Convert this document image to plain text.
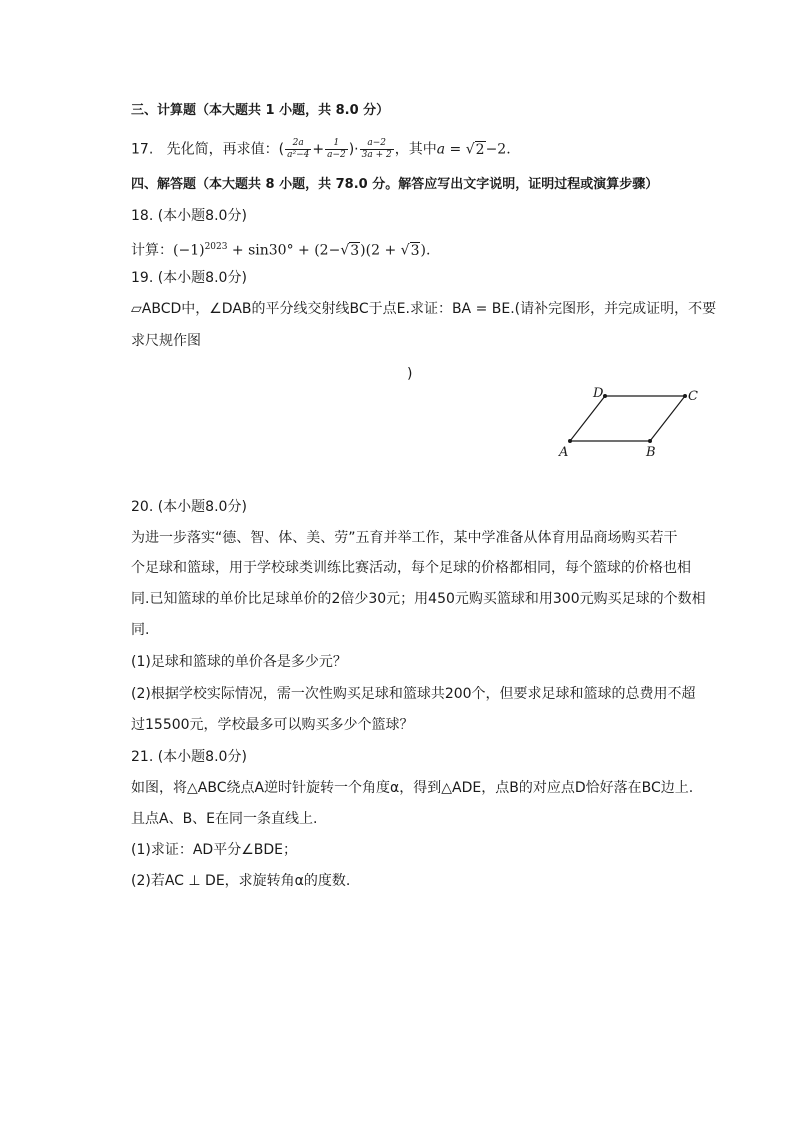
三、计算题（本大题共 1 小题，共 8.0 分）
17. 先化简，再求值：( $\frac{2a}{\text{a²−4}} + \frac{1}{a-2}$ )· $\frac{a-2}{3a + 2}$ ，其中a = √2−2.
四、解答题（本大题共 8 小题，共 78.0 分。解答应写出文字说明，证明过程或演算步骤）
18. (本小题8.0分)
计算：$(-1)^{2023} + \sin 30^\circ + (2-√3)(2 + √3)$.
19. (本小题8.0分)
▱ABCD中，∠DAB的平分线交射线BC于点E.求证：BA = BE.(请补完图形，并完成证明，不要
求尺规作图
)
A	B
C
D
20. (本小题8.0分)
为进一步落实“德、智、体、美、劳”五育并举工作，某中学准备从体育用品商场购买若干
个足球和篮球，用于学校球类训练比赛活动，每个足球的价格都相同，每个篮球的价格也相
同.已知篮球的单价比足球单价的2倍少30元；用450元购买篮球和用300元购买足球的个数相
同.
(1)足球和篮球的单价各是多少元？
(2)根据学校实际情况，需一次性购买足球和篮球共200个，但要求足球和篮球的总费用不超
过15500元，学校最多可以购买多少个篮球？
21. (本小题8.0分)
如图，将△ABC绕点A逆时针旋转一个角度α，得到△ADE，点B的对应点D恰好落在BC边上.
且点A、B、E在同一条直线上.
(1)求证：AD平分∠BDE；
(2)若AC ⊥ DE，求旋转角α的度数.
